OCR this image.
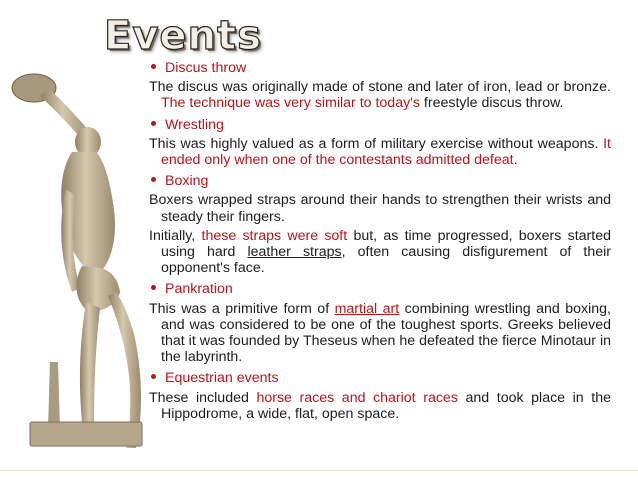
Events
Discus throw
The discus was originally made of stone and later of iron, lead or bronze. The technique was very similar to today's freestyle discus throw.
Wrestling
This was highly valued as a form of military exercise without weapons. It ended only when one of the contestants admitted defeat.
Boxing
Boxers wrapped straps around their hands to strengthen their wrists and steady their fingers.
Initially, these straps were soft but, as time progressed, boxers started using hard leather straps, often causing disfigurement of their opponent's face.
Pankration
This was a primitive form of martial art combining wrestling and boxing, and was considered to be one of the toughest sports. Greeks believed that it was founded by Theseus when he defeated the fierce Minotaur in the labyrinth.
Equestrian events
These included horse races and chariot races and took place in the Hippodrome, a wide, flat, open space.
